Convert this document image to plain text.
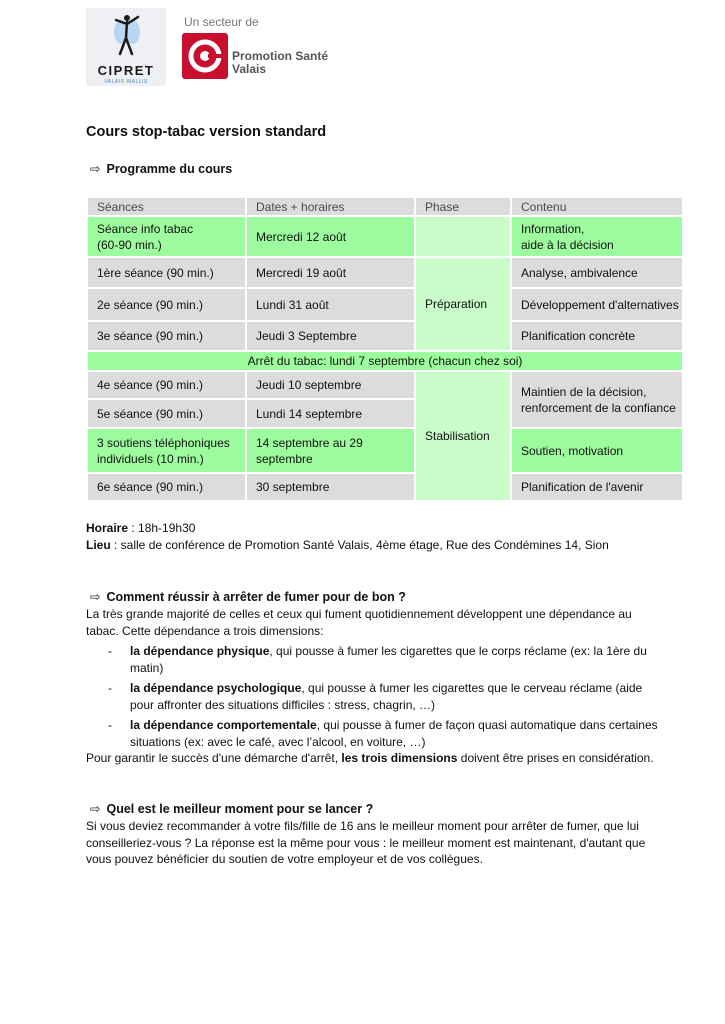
CIPRET
VALAIS·WALLIS
Un secteur de
Promotion Santé
Valais
Cours stop-tabac version standard
⇨ Programme du cours
Séances	Dates + horaires	Phase	Contenu
Séance info tabac
(60-90 min.)	Mercredi 12 août		Information,
aide à la décision
1ère séance (90 min.)	Mercredi 19 août	Préparation	Analyse, ambivalence
2e séance (90 min.)	Lundi 31 août		Développement d'alternatives
3e séance (90 min.)	Jeudi 3 Septembre		Planification concrète
Arrêt du tabac: lundi 7 septembre (chacun chez soi)			
4e séance (90 min.)	Jeudi 10 septembre	Stabilisation	Maintien de la décision,
renforcement de la confiance
5e séance (90 min.)	Lundi 14 septembre		
3 soutiens téléphoniques
individuels (10 min.)	14 septembre au 29
septembre		Soutien, motivation
6e séance (90 min.)	30 septembre		Planification de l'avenir
Horaire : 18h-19h30
Lieu : salle de conférence de Promotion Santé Valais, 4ème étage, Rue des Condémines 14, Sion
⇨ Comment réussir à arrêter de fumer pour de bon ?
La très grande majorité de celles et ceux qui fument quotidiennement développent une dépendance au
tabac. Cette dépendance a trois dimensions:
- la dépendance physique, qui pousse à fumer les cigarettes que le corps réclame (ex: la 1ère du
matin)
- la dépendance psychologique, qui pousse à fumer les cigarettes que le cerveau réclame (aide
pour affronter des situations difficiles : stress, chagrin, …)
- la dépendance comportementale, qui pousse à fumer de façon quasi automatique dans certaines
situations (ex: avec le café, avec l’alcool, en voiture, …)
Pour garantir le succès d'une démarche d'arrêt, les trois dimensions doivent être prises en considération.
⇨ Quel est le meilleur moment pour se lancer ?
Si vous deviez recommander à votre fils/fille de 16 ans le meilleur moment pour arrêter de fumer, que lui
conseilleriez-vous ? La réponse est la même pour vous : le meilleur moment est maintenant, d'autant que
vous pouvez bénéficier du soutien de votre employeur et de vos collègues.
